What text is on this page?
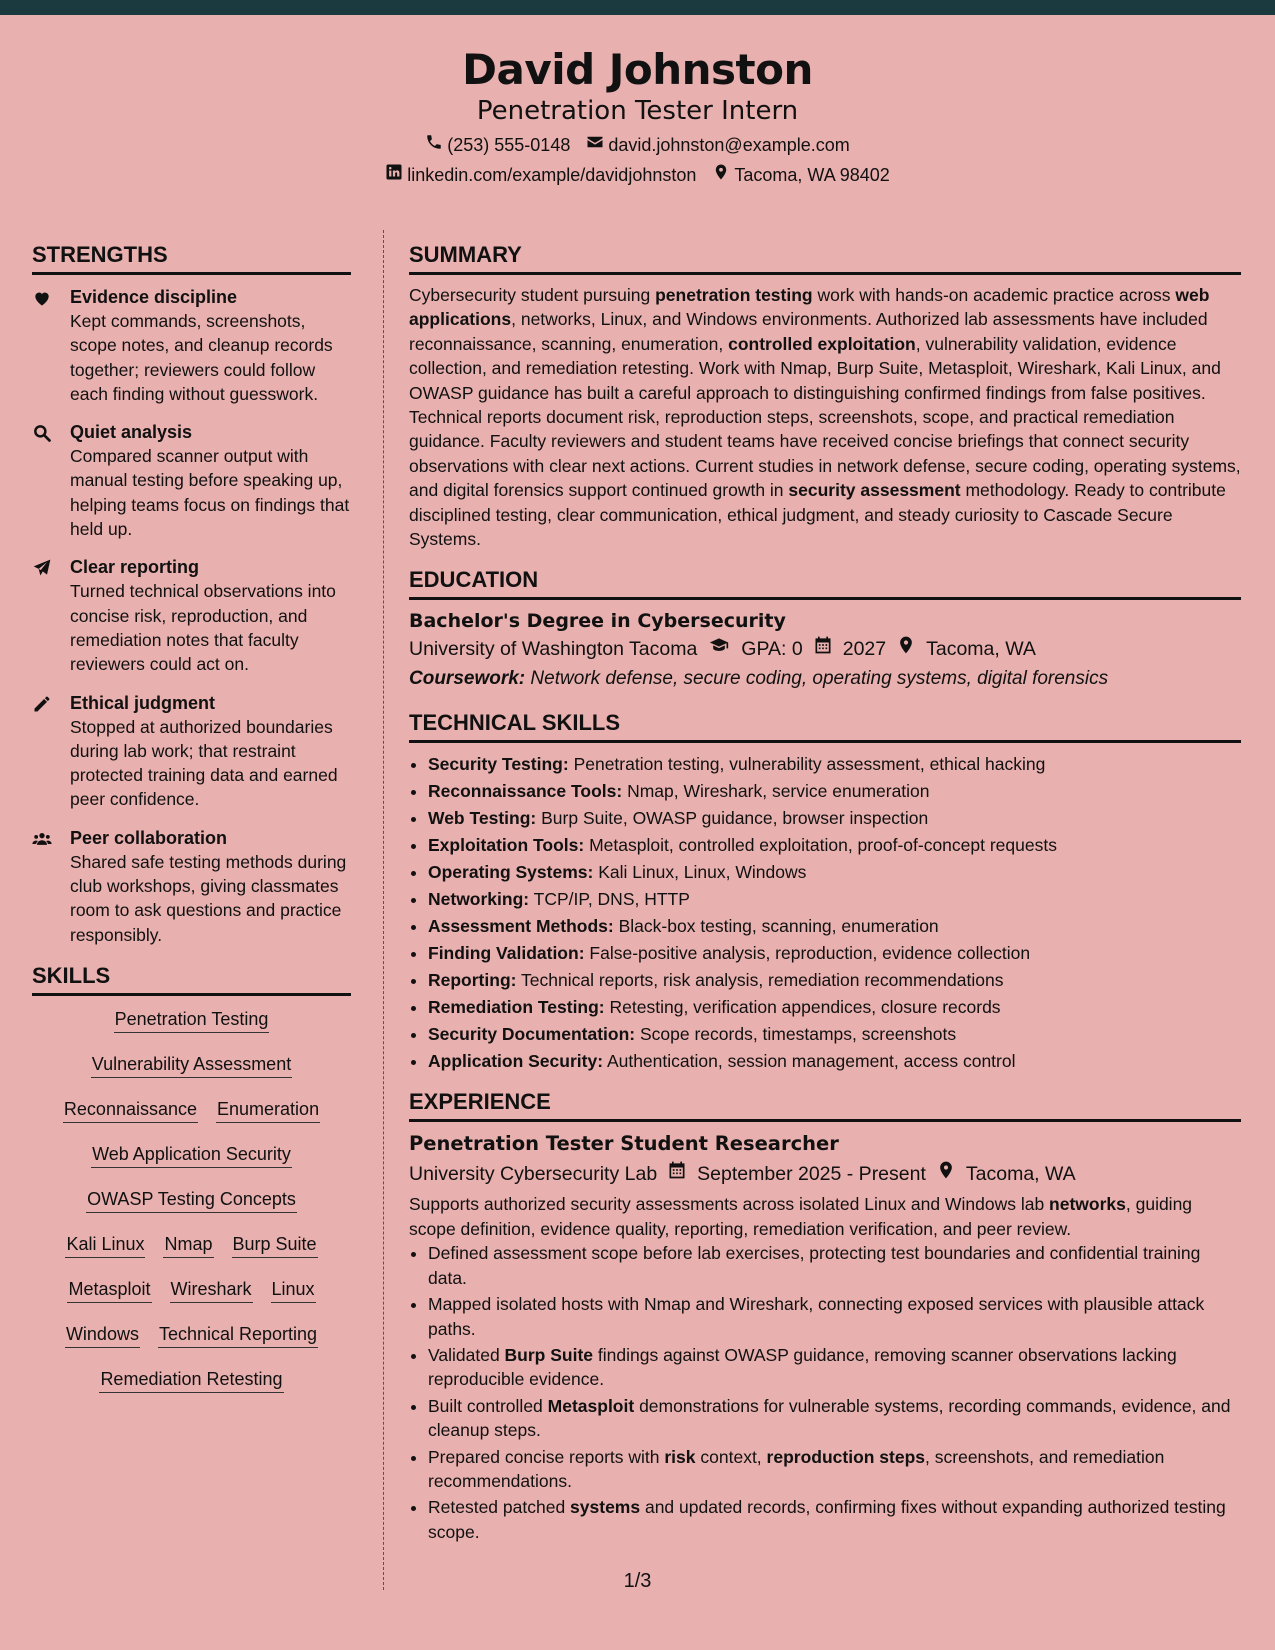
David Johnston
Penetration Tester Intern
(253) 555-0148 david.johnston@example.com
linkedin.com/example/davidjohnston Tacoma, WA 98402
STRENGTHS
Evidence discipline
Kept commands, screenshots, scope notes, and cleanup records together; reviewers could follow each finding without guesswork.
Quiet analysis
Compared scanner output with manual testing before speaking up, helping teams focus on findings that held up.
Clear reporting
Turned technical observations into concise risk, reproduction, and remediation notes that faculty reviewers could act on.
Ethical judgment
Stopped at authorized boundaries during lab work; that restraint protected training data and earned peer confidence.
Peer collaboration
Shared safe testing methods during club workshops, giving classmates room to ask questions and practice responsibly.
SKILLS
Penetration Testing
Vulnerability Assessment
Reconnaissance Enumeration
Web Application Security
OWASP Testing Concepts
Kali Linux Nmap Burp Suite
Metasploit Wireshark Linux
Windows Technical Reporting
Remediation Retesting
SUMMARY

Cybersecurity student pursuing penetration testing work with hands-on academic practice across web applications, networks, Linux, and Windows environments. Authorized lab assessments have included reconnaissance, scanning, enumeration, controlled exploitation, vulnerability validation, evidence collection, and remediation retesting. Work with Nmap, Burp Suite, Metasploit, Wireshark, Kali Linux, and OWASP guidance has built a careful approach to distinguishing confirmed findings from false positives. Technical reports document risk, reproduction steps, screenshots, scope, and practical remediation guidance. Faculty reviewers and student teams have received concise briefings that connect security observations with clear next actions. Current studies in network defense, secure coding, operating systems, and digital forensics support continued growth in security assessment methodology. Ready to contribute disciplined testing, clear communication, ethical judgment, and steady curiosity to Cascade Secure Systems.

EDUCATION
Bachelor's Degree in Cybersecurity
University of Washington Tacoma GPA: 0 2027 Tacoma, WA
Coursework: Network defense, secure coding, operating systems, digital forensics
TECHNICAL SKILLS
• Security Testing: Penetration testing, vulnerability assessment, ethical hacking
• Reconnaissance Tools: Nmap, Wireshark, service enumeration
• Web Testing: Burp Suite, OWASP guidance, browser inspection
• Exploitation Tools: Metasploit, controlled exploitation, proof-of-concept requests
• Operating Systems: Kali Linux, Linux, Windows
• Networking: TCP/IP, DNS, HTTP
• Assessment Methods: Black-box testing, scanning, enumeration
• Finding Validation: False-positive analysis, reproduction, evidence collection
• Reporting: Technical reports, risk analysis, remediation recommendations
• Remediation Testing: Retesting, verification appendices, closure records
• Security Documentation: Scope records, timestamps, screenshots
• Application Security: Authentication, session management, access control
EXPERIENCE
Penetration Tester Student Researcher
University Cybersecurity Lab September 2025 - Present Tacoma, WA
Supports authorized security assessments across isolated Linux and Windows lab networks, guiding scope definition, evidence quality, reporting, remediation verification, and peer review.
• Defined assessment scope before lab exercises, protecting test boundaries and confidential training data.
• Mapped isolated hosts with Nmap and Wireshark, connecting exposed services with plausible attack paths.
• Validated Burp Suite findings against OWASP guidance, removing scanner observations lacking reproducible evidence.
• Built controlled Metasploit demonstrations for vulnerable systems, recording commands, evidence, and cleanup steps.
• Prepared concise reports with risk context, reproduction steps, screenshots, and remediation recommendations.
• Retested patched systems and updated records, confirming fixes without expanding authorized testing scope.
1/3
